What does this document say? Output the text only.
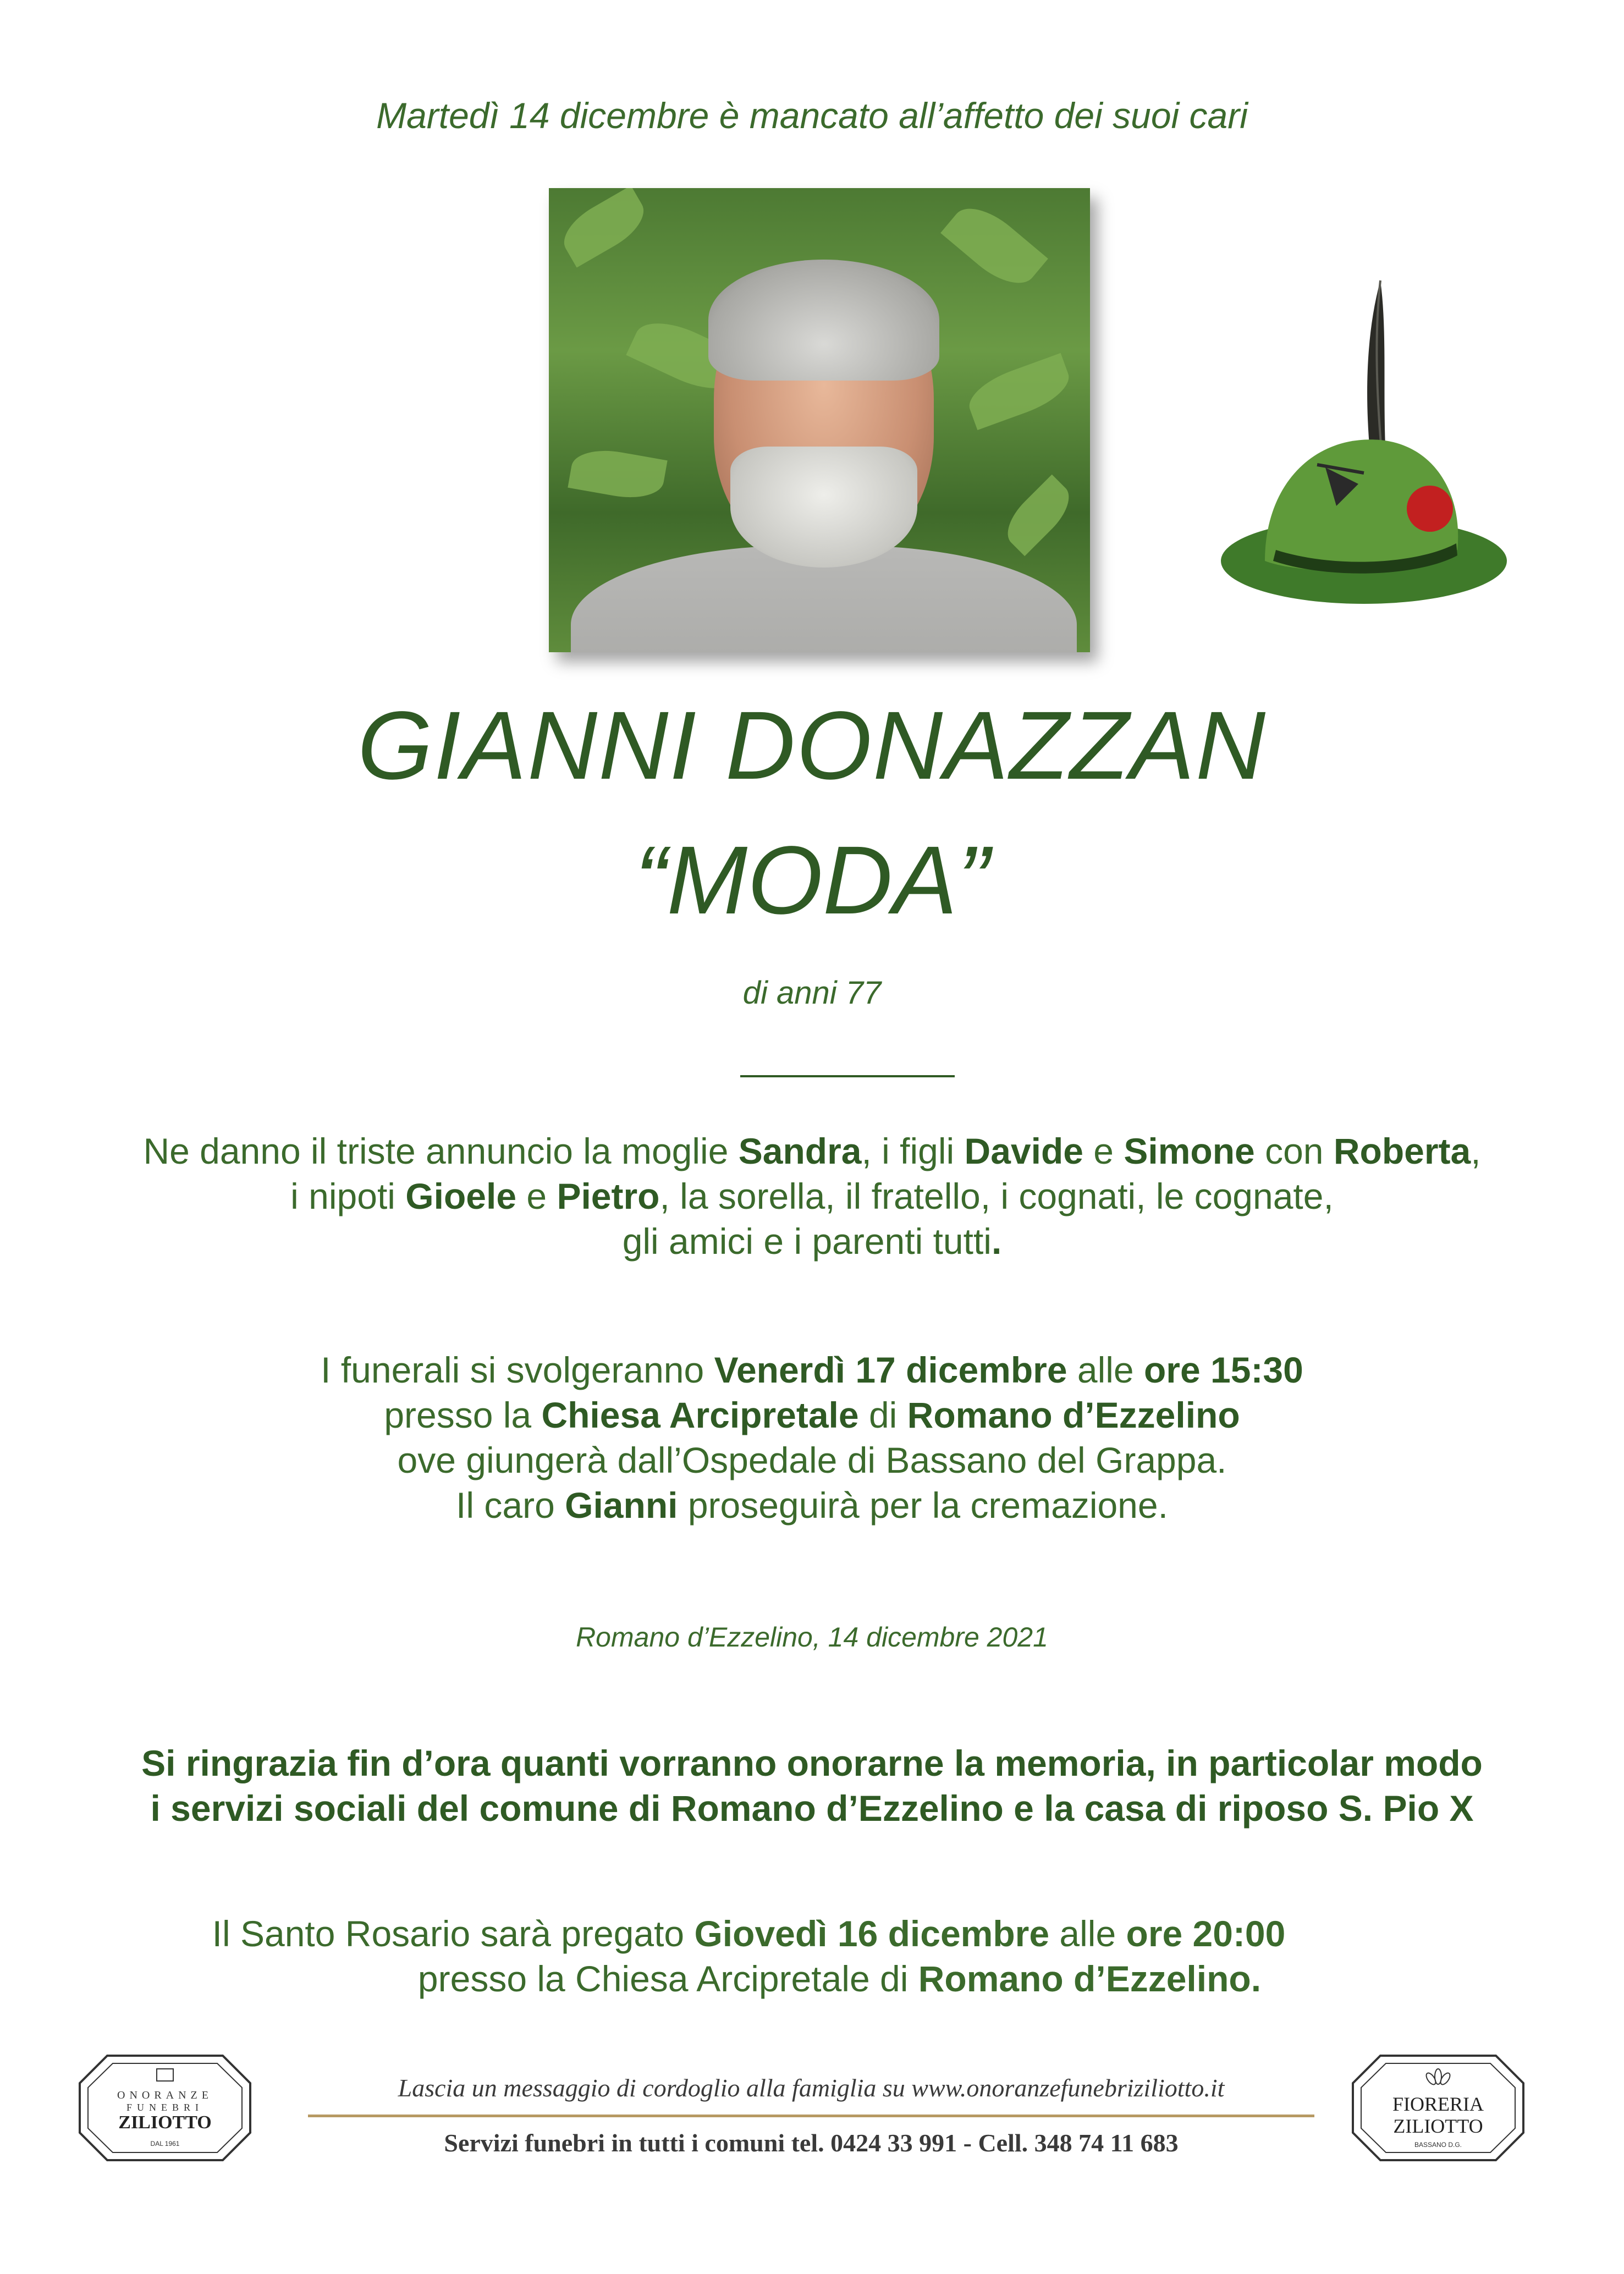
Martedì 14 dicembre è mancato all’affetto dei suoi cari
GIANNI DONAZZAN
“MODA”
di anni 77
Ne danno il triste annuncio la moglie Sandra, i figli Davide e Simone con Roberta,
i nipoti Gioele e Pietro, la sorella, il fratello, i cognati, le cognate,
gli amici e i parenti tutti.
I funerali si svolgeranno Venerdì 17 dicembre alle ore 15:30
presso la Chiesa Arcipretale di Romano d’Ezzelino
ove giungerà dall’Ospedale di Bassano del Grappa.
Il caro Gianni proseguirà per la cremazione.
Romano d’Ezzelino, 14 dicembre 2021
Si ringrazia fin d’ora quanti vorranno onorarne la memoria, in particolar modo
i servizi sociali del comune di Romano d’Ezzelino e la casa di riposo S. Pio X
Il Santo Rosario sarà pregato Giovedì 16 dicembre alle ore 20:00
presso la Chiesa Arcipretale di Romano d’Ezzelino.
ONORANZE
FUNEBRI
ZILIOTTO
DAL 1961
Lascia un messaggio di cordoglio alla famiglia su www.onoranzefunebriziliotto.it
Servizi funebri in tutti i comuni tel. 0424 33 991 - Cell. 348 74 11 683
FIORERIA
ZILIOTTO
BASSANO D.G.
